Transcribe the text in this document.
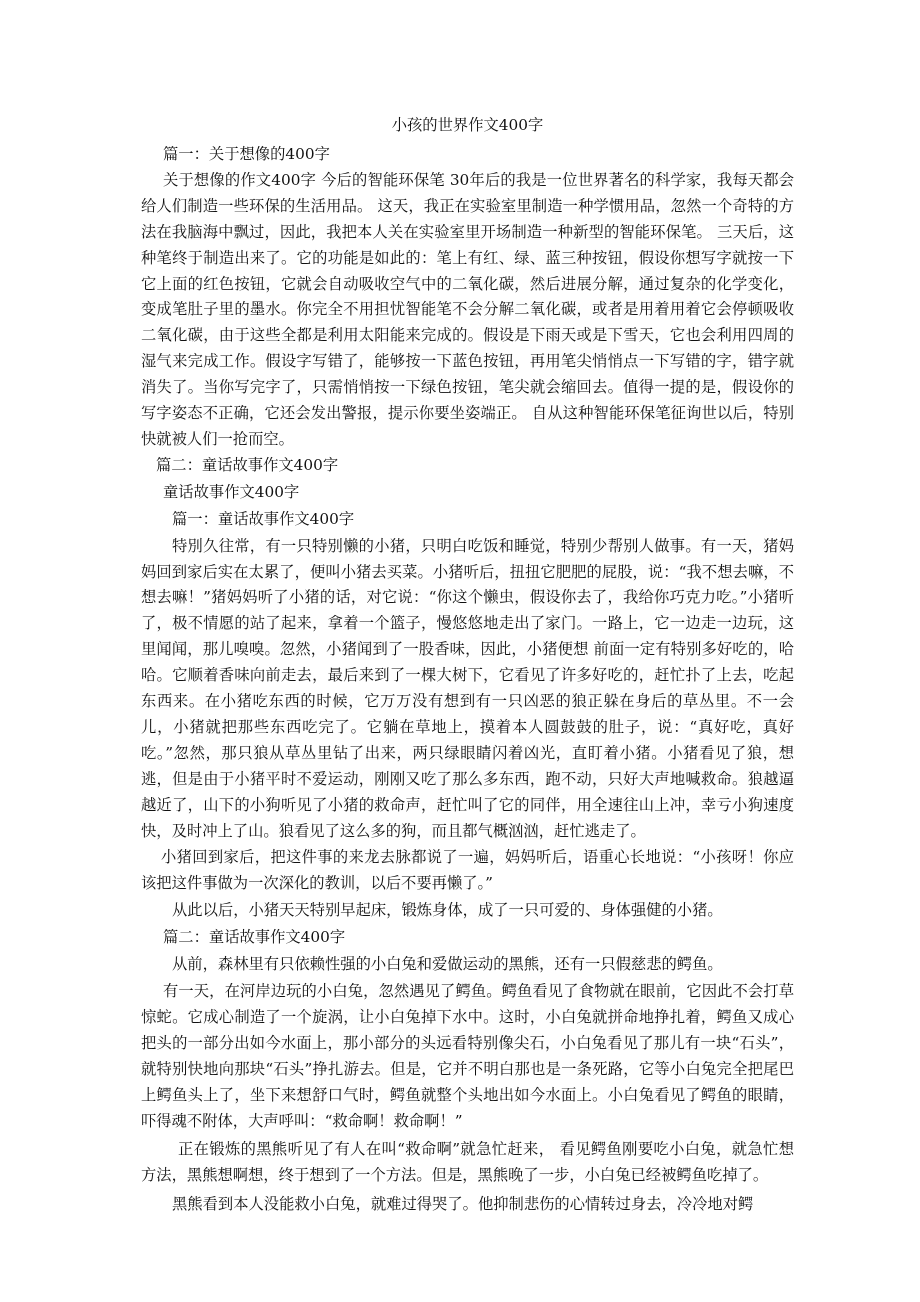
小孩的世界作文400字

篇一：关于想像的400字

关于想像的作文400字 今后的智能环保笔 30年后的我是一位世界著名的科学家，我每天都会给人们制造一些环保的生活用品。 这天，我正在实验室里制造一种学惯用品，忽然一个奇特的方法在我脑海中飘过，因此，我把本人关在实验室里开场制造一种新型的智能环保笔。 三天后，这种笔终于制造出来了。它的功能是如此的：笔上有红、绿、蓝三种按钮，假设你想写字就按一下它上面的红色按钮，它就会自动吸收空气中的二氧化碳，然后进展分解，通过复杂的化学变化，变成笔肚子里的墨水。你完全不用担忧智能笔不会分解二氧化碳，或者是用着用着它会停顿吸收二氧化碳，由于这些全都是利用太阳能来完成的。假设是下雨天或是下雪天，它也会利用四周的湿气来完成工作。假设字写错了，能够按一下蓝色按钮，再用笔尖悄悄点一下写错的字，错字就消失了。当你写完字了，只需悄悄按一下绿色按钮，笔尖就会缩回去。值得一提的是，假设你的写字姿态不正确，它还会发出警报，提示你要坐姿端正。 自从这种智能环保笔征询世以后，特别快就被人们一抢而空。

篇二：童话故事作文400字

童话故事作文400字

篇一：童话故事作文400字

特別久往常，有一只特别懒的小猪，只明白吃饭和睡觉，特别少帮别人做事。有一天，猪妈妈回到家后实在太累了，便叫小猪去买菜。小猪听后，扭扭它肥肥的屁股，说：“我不想去嘛，不想去嘛！”猪妈妈听了小猪的话，对它说：“你这个懒虫，假设你去了，我给你巧克力吃。”小猪听了，极不情愿的站了起来，拿着一个篮子，慢悠悠地走出了家门。一路上，它一边走一边玩，这里闻闻，那儿嗅嗅。忽然，小猪闻到了一股香味，因此，小猪便想 前面一定有特别多好吃的，哈哈。它顺着香味向前走去，最后来到了一棵大树下，它看见了许多好吃的，赶忙扑了上去，吃起东西来。在小猪吃东西的时候，它万万没有想到有一只凶恶的狼正躲在身后的草丛里。不一会儿，小猪就把那些东西吃完了。它躺在草地上，摸着本人圆鼓鼓的肚子，说：“真好吃，真好吃。”忽然，那只狼从草丛里钻了出来，两只绿眼睛闪着凶光，直盯着小猪。小猪看见了狼，想逃，但是由于小猪平时不爱运动，刚刚又吃了那么多东西，跑不动，只好大声地喊救命。狼越逼越近了，山下的小狗听见了小猪的救命声，赶忙叫了它的同伴，用全速往山上冲，幸亏小狗速度快，及时冲上了山。狼看见了这么多的狗，而且都气概汹汹，赶忙逃走了。

小猪回到家后，把这件事的来龙去脉都说了一遍，妈妈听后，语重心长地说：“小孩呀！你应该把这件事做为一次深化的教训，以后不要再懒了。”

从此以后，小猪天天特别早起床，锻炼身体，成了一只可爱的、身体强健的小猪。

篇二：童话故事作文400字

从前，森林里有只依赖性强的小白兔和爱做运动的黑熊，还有一只假慈悲的鳄鱼。

有一天，在河岸边玩的小白兔，忽然遇见了鳄鱼。鳄鱼看见了食物就在眼前，它因此不会打草惊蛇。它成心制造了一个旋涡，让小白兔掉下水中。这时，小白兔就拼命地挣扎着，鳄鱼又成心把头的一部分出如今水面上，那小部分的头远看特别像尖石，小白兔看见了那儿有一块“石头”，就特别快地向那块“石头”挣扎游去。但是，它并不明白那也是一条死路，它等小白兔完全把尾巴上鳄鱼头上了，坐下来想舒口气时，鳄鱼就整个头地出如今水面上。小白兔看见了鳄鱼的眼睛，吓得魂不附体，大声呼叫：“救命啊！救命啊！”

正在锻炼的黑熊听见了有人在叫“救命啊”就急忙赶来， 看见鳄鱼刚要吃小白兔，就急忙想方法，黑熊想啊想，终于想到了一个方法。但是，黑熊晚了一步，小白兔已经被鳄鱼吃掉了。

黑熊看到本人没能救小白兔，就难过得哭了。他抑制悲伤的心情转过身去，冷冷地对鳄
